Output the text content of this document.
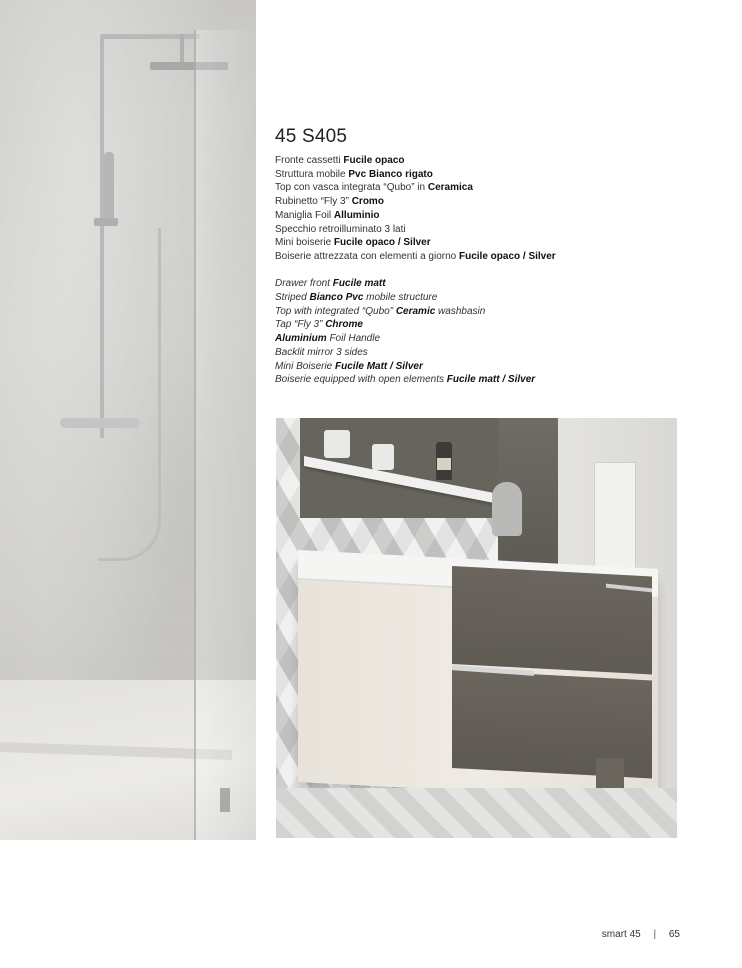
45 S405

Fronte cassetti Fucile opaco

Struttura mobile Pvc Bianco rigato

Top con vasca integrata “Qubo” in Ceramica

Rubinetto “Fly 3” Cromo

Maniglia Foil Alluminio

Specchio retroilluminato 3 lati

Mini boiserie Fucile opaco / Silver

Boiserie attrezzata con elementi a giorno Fucile opaco / Silver

Drawer front Fucile matt

Striped Bianco Pvc mobile structure

Top with integrated “Qubo” Ceramic washbasin

Tap “Fly 3” Chrome

Aluminium Foil Handle

Backlit mirror 3 sides

Mini Boiserie Fucile Matt / Silver

Boiserie equipped with open elements Fucile matt / Silver

smart 45 | 65
